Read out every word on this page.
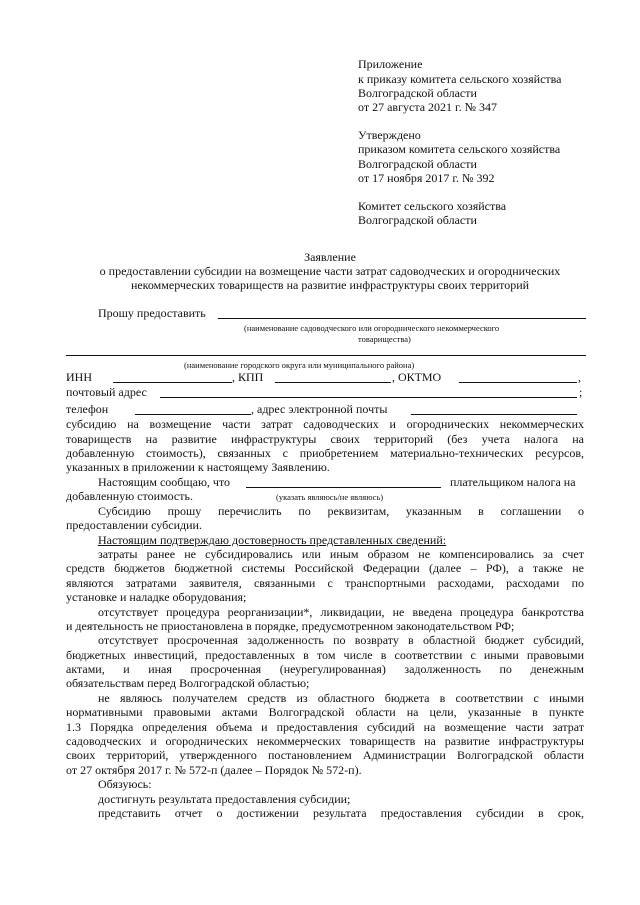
Приложение
к приказу комитета сельского хозяйства
Волгоградской области
от 27 августа 2021 г. № 347
Утверждено
приказом комитета сельского хозяйства
Волгоградской области
от 17 ноября 2017 г. № 392
Комитет сельского хозяйства
Волгоградской области
Заявление
о предоставлении субсидии на возмещение части затрат садоводческих и огороднических
некоммерческих товариществ на развитие инфраструктуры своих территорий
Прошу предоставить
(наименование садоводческого или огороднического некоммерческого
товарищества)
(наименование городского округа или муниципального района)
ИНН	, КПП	, ОКТМО	,
почтовый адрес	;
телефон	, адрес электронной почты
субсидию на возмещение части затрат садоводческих и огороднических некоммерческих
товариществ на развитие инфраструктуры своих территорий (без учета налога на
добавленную стоимость), связанных с приобретением материально-технических ресурсов,
указанных в приложении к настоящему Заявлению.
Настоящим сообщаю, что	плательщиком налога на
добавленную стоимость.	(указать являюсь/не являюсь)
Субсидию прошу перечислить по реквизитам, указанным в соглашении о
предоставлении субсидии.
Настоящим подтверждаю достоверность представленных сведений:
затраты ранее не субсидировались или иным образом не компенсировались за счет
средств бюджетов бюджетной системы Российской Федерации (далее – РФ), а также не
являются затратами заявителя, связанными с транспортными расходами, расходами по
установке и наладке оборудования;
отсутствует процедура реорганизации*, ликвидации, не введена процедура банкротства
и деятельность не приостановлена в порядке, предусмотренном законодательством РФ;
отсутствует просроченная задолженность по возврату в областной бюджет субсидий,
бюджетных инвестиций, предоставленных в том числе в соответствии с иными правовыми
актами, и иная просроченная (неурегулированная) задолженность по денежным
обязательствам перед Волгоградской областью;
не являюсь получателем средств из областного бюджета в соответствии с иными
нормативными правовыми актами Волгоградской области на цели, указанные в пункте
1.3 Порядка определения объема и предоставления субсидий на возмещение части затрат
садоводческих и огороднических некоммерческих товариществ на развитие инфраструктуры
своих территорий, утвержденного постановлением Администрации Волгоградской области
от 27 октября 2017 г. № 572-п (далее – Порядок № 572-п).
Обязуюсь:
достигнуть результата предоставления субсидии;
представить отчет о достижении результата предоставления субсидии в срок,
